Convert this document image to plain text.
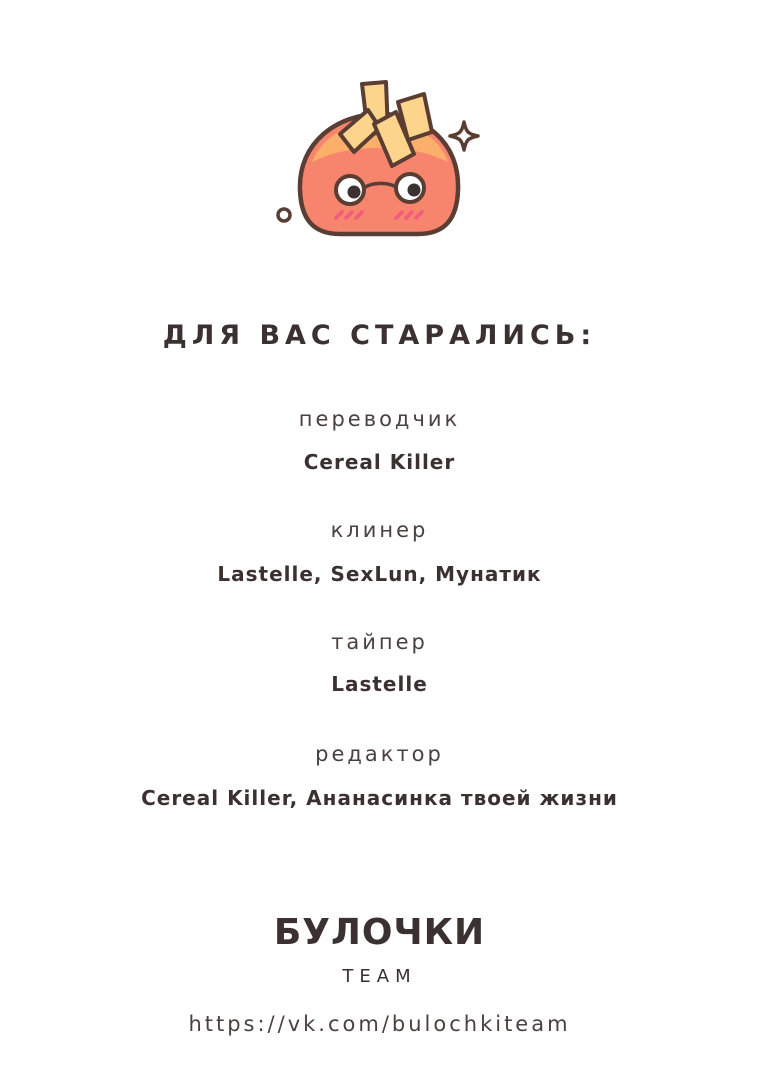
ДЛЯ ВАС СТАРАЛИСЬ:

переводчик

Cereal Killer

клинер

Lastelle, SexLun, Мунатик

тайпер

Lastelle

редактор

Cereal Killer, Ананасинка твоей жизни

БУЛОЧКИ
TEAM
https://vk.com/bulochkiteam
